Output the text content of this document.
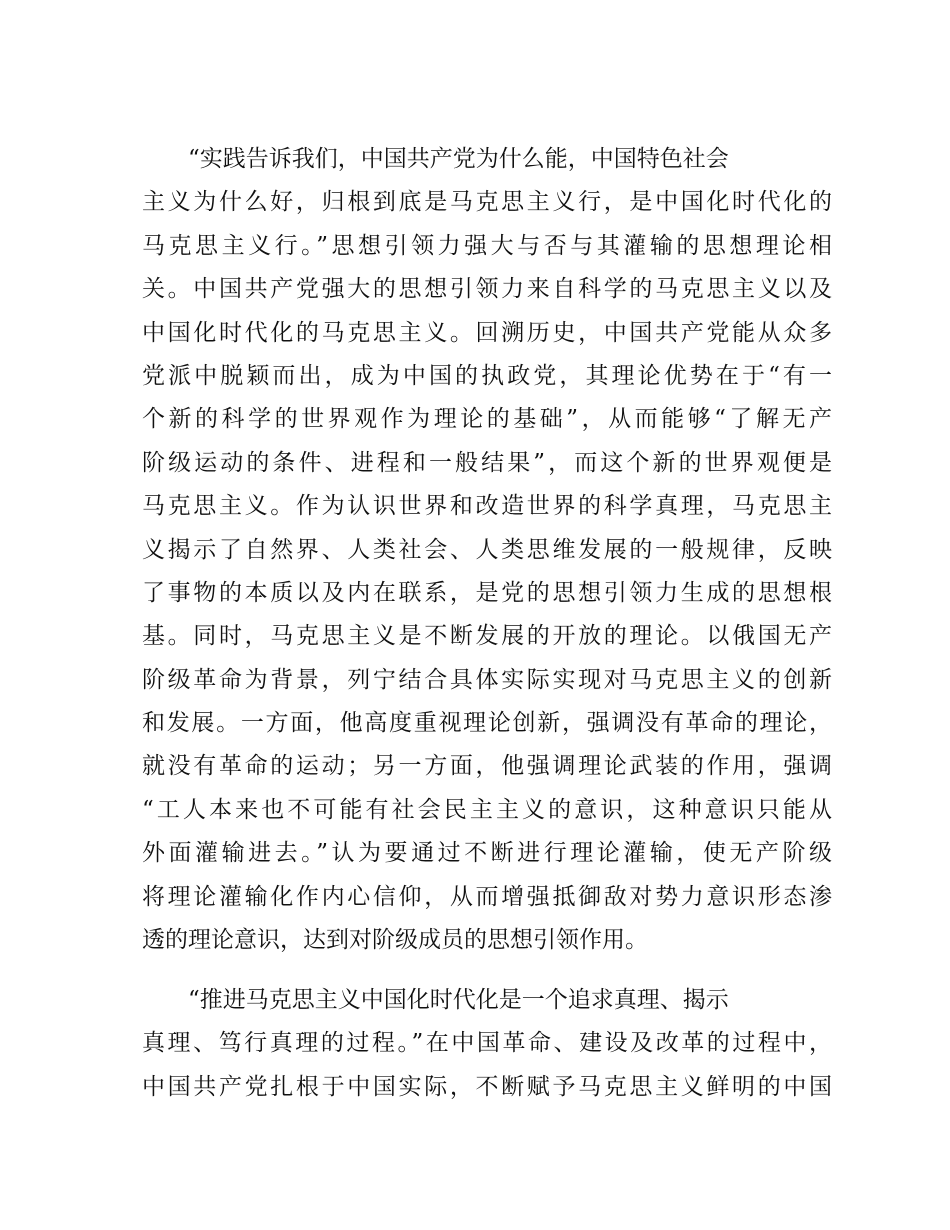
“实践告诉我们，中国共产党为什么能，中国特色社会
主义为什么好，归根到底是马克思主义行，是中国化时代化的
马克思主义行。”思想引领力强大与否与其灌输的思想理论相
关。中国共产党强大的思想引领力来自科学的马克思主义以及
中国化时代化的马克思主义。回溯历史，中国共产党能从众多
党派中脱颖而出，成为中国的执政党，其理论优势在于“有一
个新的科学的世界观作为理论的基础”，从而能够“了解无产
阶级运动的条件、进程和一般结果”，而这个新的世界观便是
马克思主义。作为认识世界和改造世界的科学真理，马克思主
义揭示了自然界、人类社会、人类思维发展的一般规律，反映
了事物的本质以及内在联系，是党的思想引领力生成的思想根
基。同时，马克思主义是不断发展的开放的理论。以俄国无产
阶级革命为背景，列宁结合具体实际实现对马克思主义的创新
和发展。一方面，他高度重视理论创新，强调没有革命的理论，
就没有革命的运动；另一方面，他强调理论武装的作用，强调
“工人本来也不可能有社会民主主义的意识，这种意识只能从
外面灌输进去。”认为要通过不断进行理论灌输，使无产阶级
将理论灌输化作内心信仰，从而增强抵御敌对势力意识形态渗
透的理论意识，达到对阶级成员的思想引领作用。
“推进马克思主义中国化时代化是一个追求真理、揭示
真理、笃行真理的过程。”在中国革命、建设及改革的过程中，
中国共产党扎根于中国实际，不断赋予马克思主义鲜明的中国
